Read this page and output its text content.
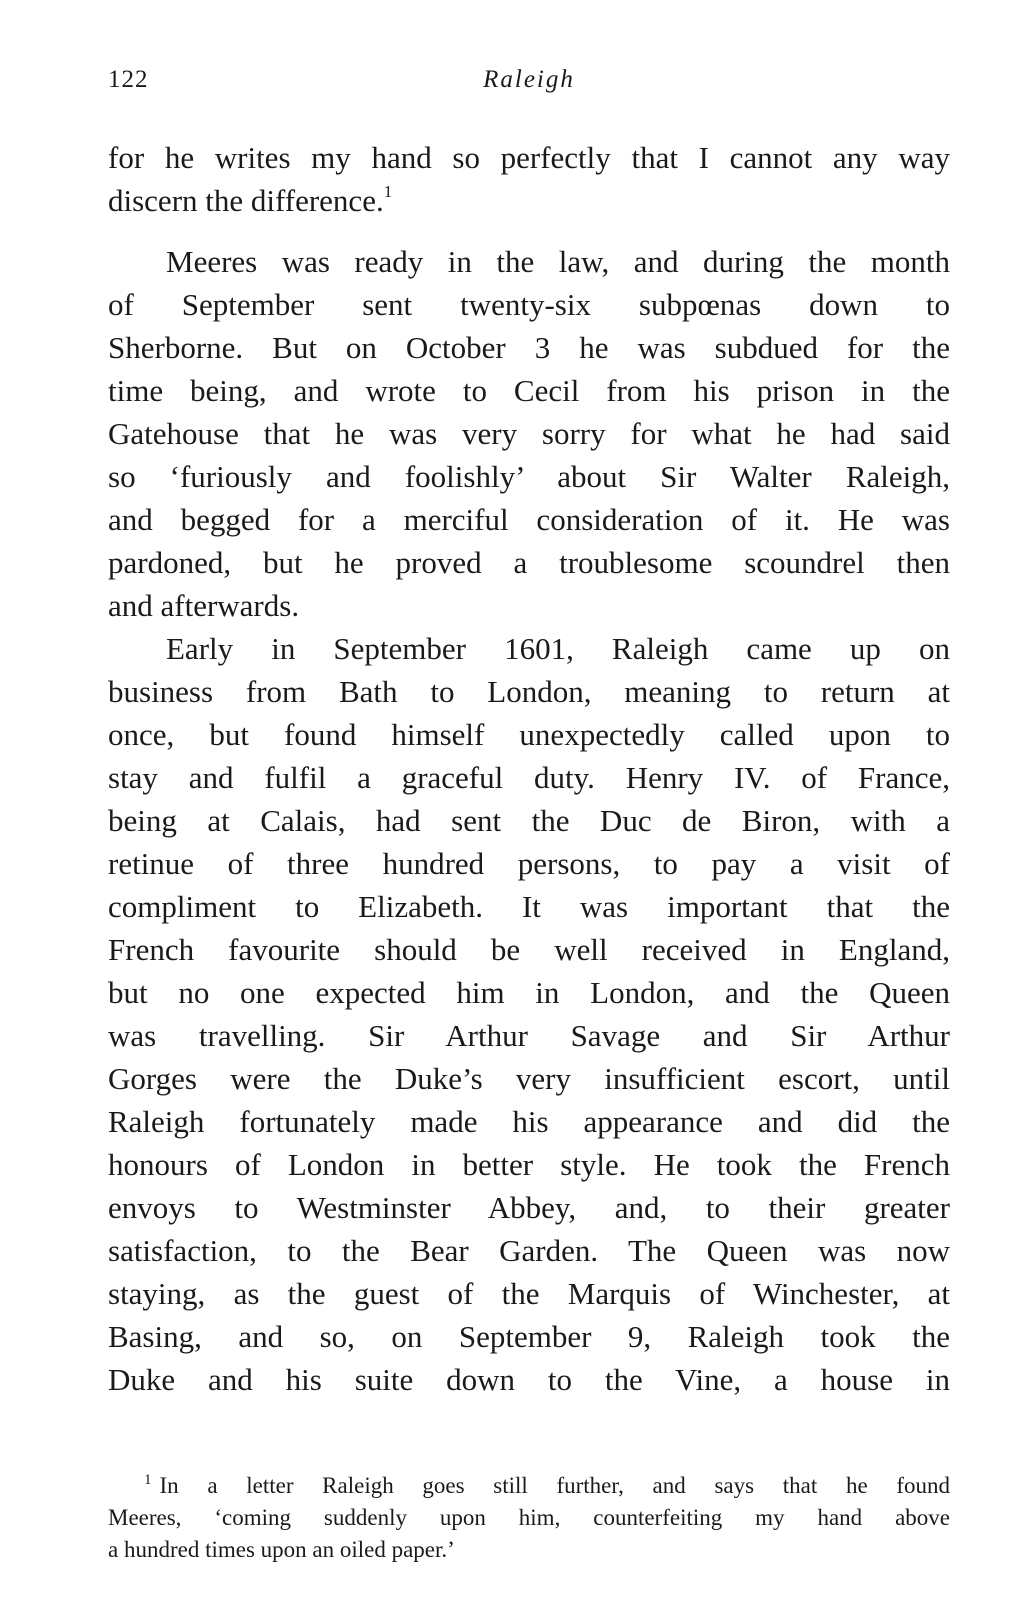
122	Raleigh
for he writes my hand so perfectly that I cannot any way
discern the difference.$^1$
Meeres was ready in the law, and during the month
of September sent twenty-six subpœnas down to
Sherborne. But on October 3 he was subdued for the
time being, and wrote to Cecil from his prison in the
Gatehouse that he was very sorry for what he had said
so ‘furiously and foolishly’ about Sir Walter Raleigh,
and begged for a merciful consideration of it. He was
pardoned, but he proved a troublesome scoundrel then
and afterwards.
Early in September 1601, Raleigh came up on
business from Bath to London, meaning to return at
once, but found himself unexpectedly called upon to
stay and fulfil a graceful duty. Henry IV. of France,
being at Calais, had sent the Duc de Biron, with a
retinue of three hundred persons, to pay a visit of
compliment to Elizabeth. It was important that the
French favourite should be well received in England,
but no one expected him in London, and the Queen
was travelling. Sir Arthur Savage and Sir Arthur
Gorges were the Duke’s very insufficient escort, until
Raleigh fortunately made his appearance and did the
honours of London in better style. He took the French
envoys to Westminster Abbey, and, to their greater
satisfaction, to the Bear Garden. The Queen was now
staying, as the guest of the Marquis of Winchester, at
Basing, and so, on September 9, Raleigh took the
Duke and his suite down to the Vine, a house in
$^1$ In a letter Raleigh goes still further, and says that he found
Meeres, ‘coming suddenly upon him, counterfeiting my hand above
a hundred times upon an oiled paper.’
